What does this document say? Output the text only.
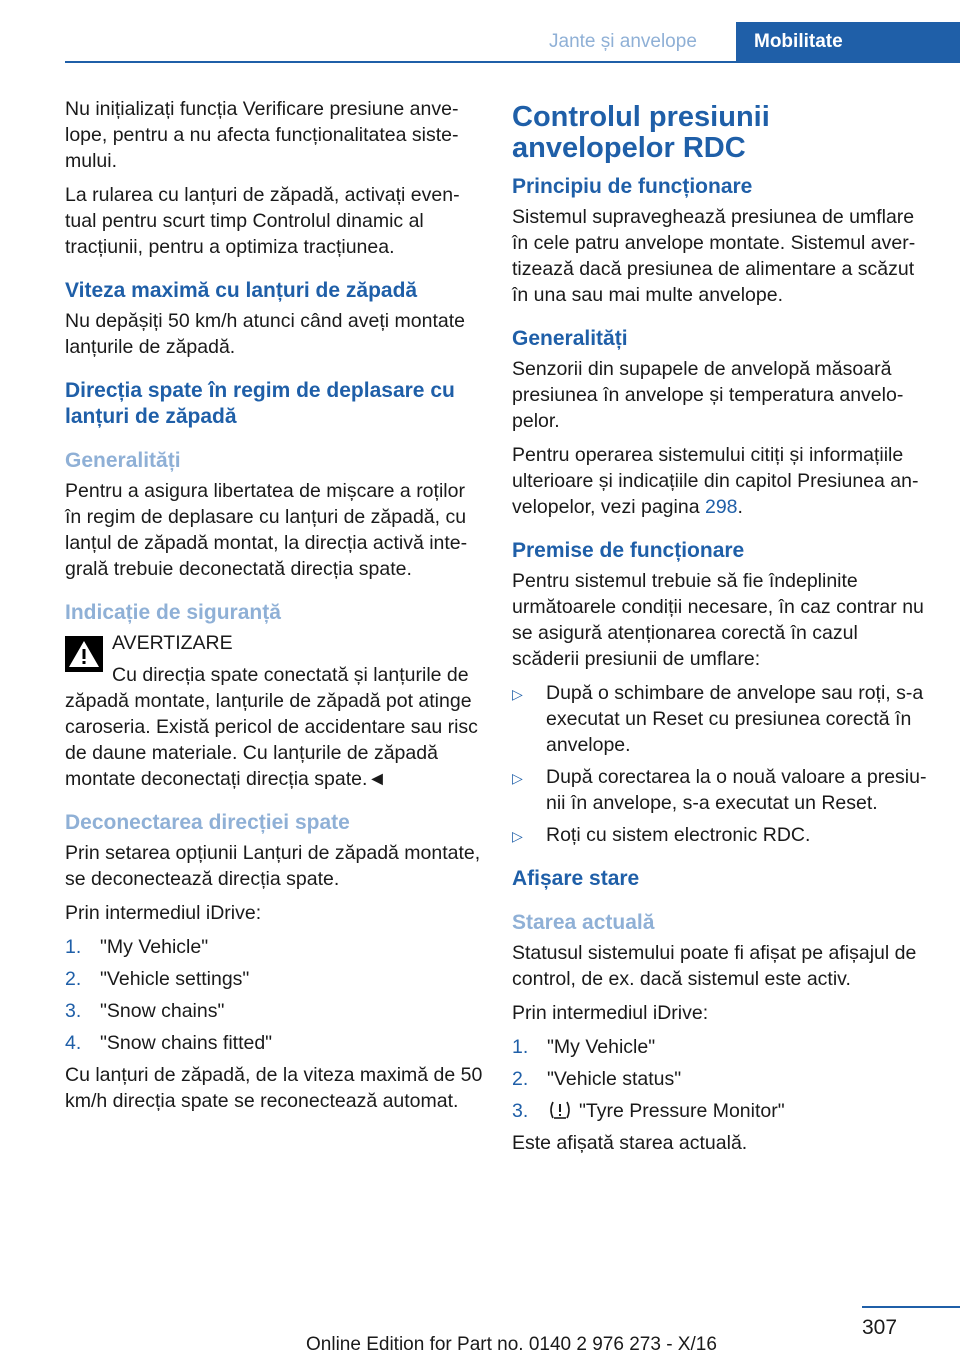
Jante și anvelope	Mobilitate

Nu inițializați funcția Verificare presiune anvelope, pentru a nu afecta funcționalitatea sistemului.

La rularea cu lanțuri de zăpadă, activați eventual pentru scurt timp Controlul dinamic al tracțiunii, pentru a optimiza tracțiunea.

Viteza maximă cu lanțuri de zăpadă

Nu depășiți 50 km/h atunci când aveți montate lanțurile de zăpadă.

Direcția spate în regim de deplasare cu lanțuri de zăpadă
Generalități

Pentru a asigura libertatea de mișcare a roților în regim de deplasare cu lanțuri de zăpadă, cu lanțul de zăpadă montat, la direcția activă integrală trebuie deconectată direcția spate.

Indicație de siguranță
AVERTIZARE

Cu direcția spate conectată și lanțurile de zăpadă montate, lanțurile de zăpadă pot atinge caroseria. Există pericol de accidentare sau risc de daune materiale. Cu lanțurile de zăpadă montate deconectați direcția spate.◄

Deconectarea direcției spate

Prin setarea opțiunii Lanțuri de zăpadă montate, se deconectează direcția spate.

Prin intermediul iDrive:

1. "My Vehicle"
2. "Vehicle settings"
3. "Snow chains"
4. "Snow chains fitted"

Cu lanțuri de zăpadă, de la viteza maximă de 50 km/h direcția spate se reconectează automat.

Controlul presiunii anvelopelor RDC
Principiu de funcționare

Sistemul supraveghează presiunea de umflare în cele patru anvelope montate. Sistemul avertizează dacă presiunea de alimentare a scăzut în una sau mai multe anvelope.

Generalități

Senzorii din supapele de anvelopă măsoară presiunea în anvelope și temperatura anvelopelor.

Pentru operarea sistemului citiți și informațiile ulterioare și indicațiile din capitol Presiunea anvelopelor, vezi pagina 298.

Premise de funcționare

Pentru sistemul trebuie să fie îndeplinite următoarele condiții necesare, în caz contrar nu se asigură atenționarea corectă în cazul scăderii presiunii de umflare:

▷ După o schimbare de anvelope sau roți, s-a executat un Reset cu presiunea corectă în anvelope.
▷ După corectarea la o nouă valoare a presiunii în anvelope, s-a executat un Reset.
▷ Roți cu sistem electronic RDC.
Afișare stare
Starea actuală

Statusul sistemului poate fi afișat pe afișajul de control, de ex. dacă sistemul este activ.

Prin intermediul iDrive:

1. "My Vehicle"
2. "Vehicle status"
3.	"Tyre Pressure Monitor"

Este afișată starea actuală.

307
Online Edition for Part no. 0140 2 976 273 - X/16
